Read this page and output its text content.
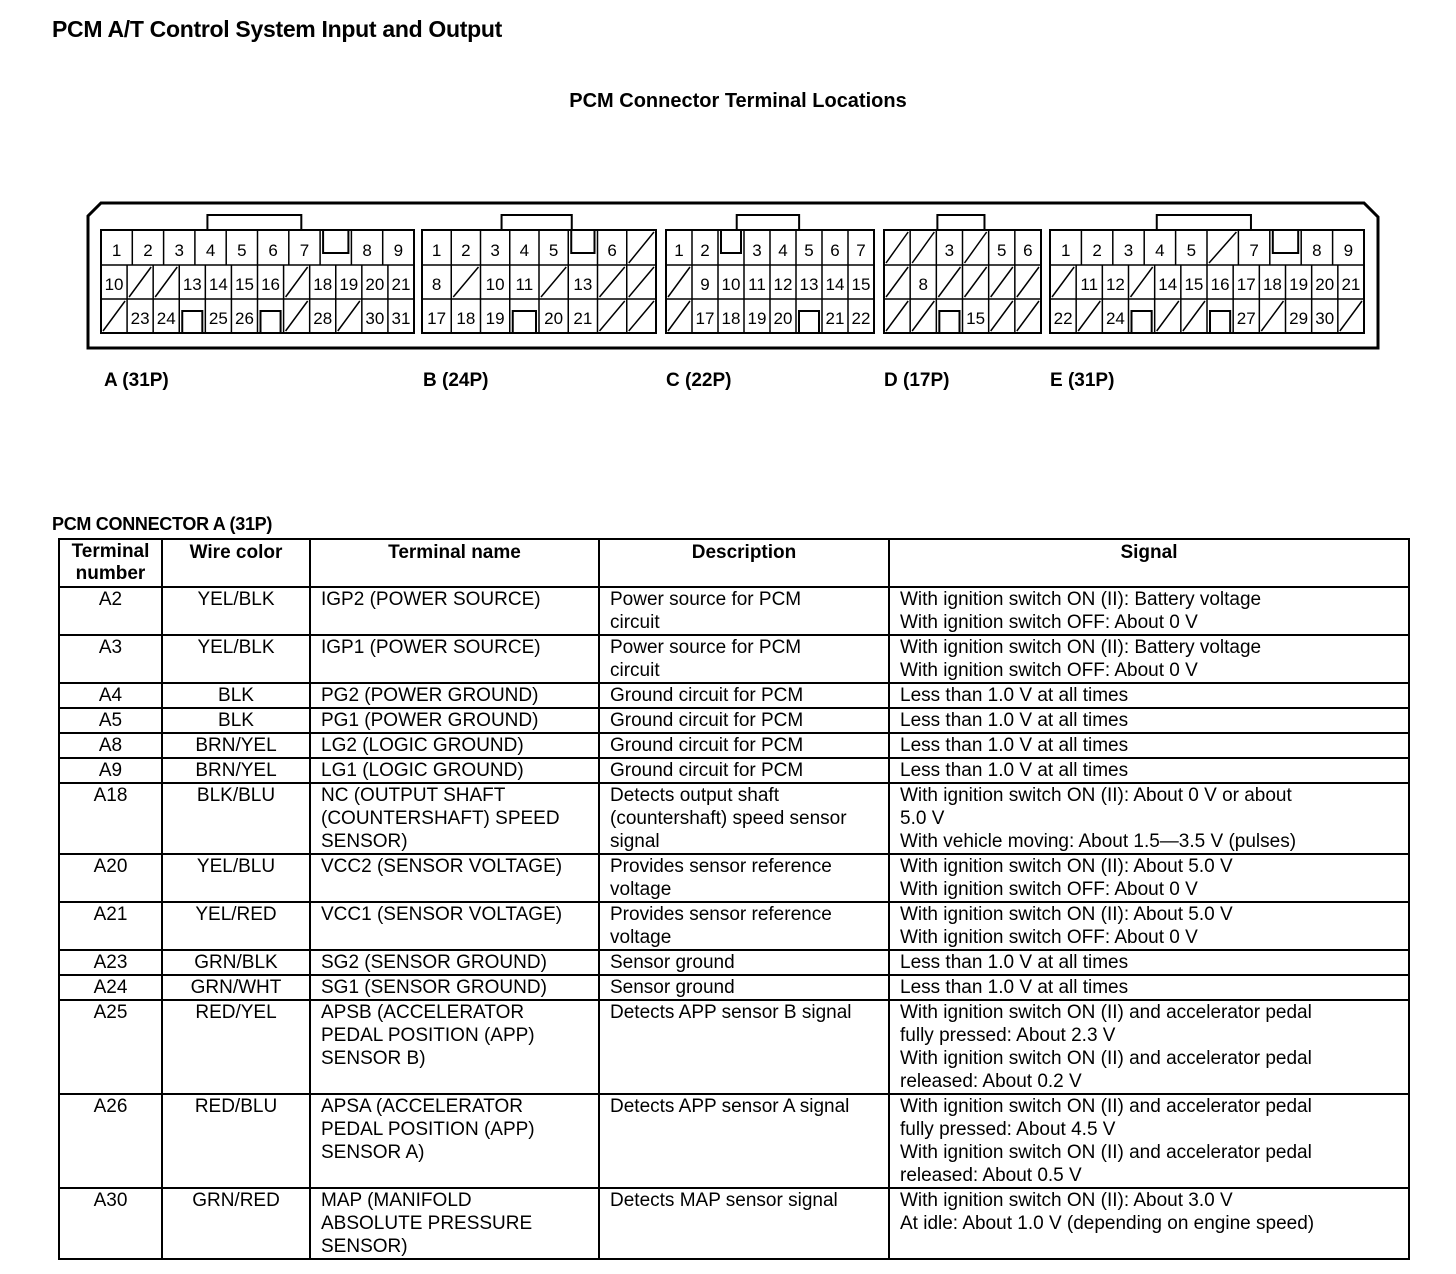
PCM A/T Control System Input and Output
PCM Connector Terminal Locations
1 2 3 4 5 6 7	8 9
10	13 14 15 16 18 19 20 21
23 24 25 26	28 30 31
1 2 3 4 5	6
8	10 11 13
17 18 19 20 21
1 2	3 4 5 6 7
9 10 11 12 13 14 15
17 18 19 20 21 22
3	5 6
8
15
1 2 3 4 5	7	8 9
11 12 14 15 16 17 18 19 20 21
22 24	27 29 30
A (31P)	B (24P)	C (22P)	D (17P)	E (31P)
PCM CONNECTOR A (31P)
Terminal number	Wire color	Terminal name	Description	Signal

A2	YEL/BLK	IGP2 (POWER SOURCE)	Power source for PCM
circuit	With ignition switch ON (II): Battery voltage
With ignition switch OFF: About 0 V

A3	YEL/BLK	IGP1 (POWER SOURCE)	Power source for PCM
circuit	With ignition switch ON (II): Battery voltage
With ignition switch OFF: About 0 V

A4	BLK	PG2 (POWER GROUND)	Ground circuit for PCM	Less than 1.0 V at all times

A5	BLK	PG1 (POWER GROUND)	Ground circuit for PCM	Less than 1.0 V at all times

A8	BRN/YEL	LG2 (LOGIC GROUND)	Ground circuit for PCM	Less than 1.0 V at all times

A9	BRN/YEL	LG1 (LOGIC GROUND)	Ground circuit for PCM	Less than 1.0 V at all times

A18	BLK/BLU	NC (OUTPUT SHAFT
(COUNTERSHAFT) SPEED
SENSOR)	Detects output shaft
(countershaft) speed sensor
signal	With ignition switch ON (II): About 0 V or about
5.0 V
With vehicle moving: About 1.5—3.5 V (pulses)

A20	YEL/BLU	VCC2 (SENSOR VOLTAGE)	Provides sensor reference
voltage	With ignition switch ON (II): About 5.0 V
With ignition switch OFF: About 0 V

A21	YEL/RED	VCC1 (SENSOR VOLTAGE)	Provides sensor reference
voltage	With ignition switch ON (II): About 5.0 V
With ignition switch OFF: About 0 V

A23	GRN/BLK	SG2 (SENSOR GROUND)	Sensor ground	Less than 1.0 V at all times

A24	GRN/WHT	SG1 (SENSOR GROUND)	Sensor ground	Less than 1.0 V at all times

A25	RED/YEL	APSB (ACCELERATOR
PEDAL POSITION (APP)
SENSOR B)	Detects APP sensor B signal	With ignition switch ON (II) and accelerator pedal
fully pressed: About 2.3 V
With ignition switch ON (II) and accelerator pedal
released: About 0.2 V

A26	RED/BLU	APSA (ACCELERATOR
PEDAL POSITION (APP)
SENSOR A)	Detects APP sensor A signal	With ignition switch ON (II) and accelerator pedal
fully pressed: About 4.5 V
With ignition switch ON (II) and accelerator pedal
released: About 0.5 V

A30	GRN/RED	MAP (MANIFOLD
ABSOLUTE PRESSURE
SENSOR)	Detects MAP sensor signal	With ignition switch ON (II): About 3.0 V
At idle: About 1.0 V (depending on engine speed)
